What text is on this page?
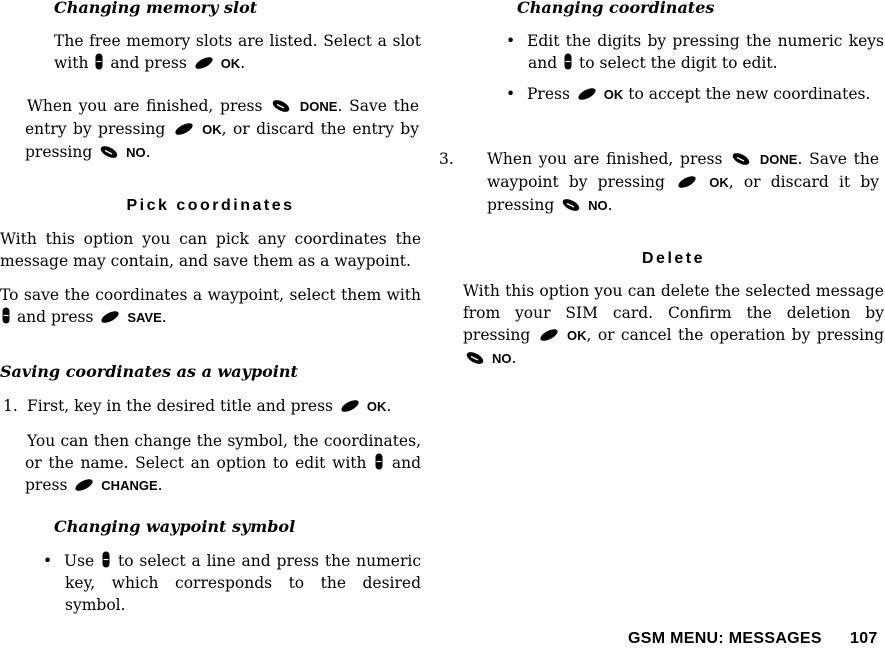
Changing memory slot
The free memory slots are listed. Select a slot with and press	OK.
When you are finished, press	DONE. Save the entry by pressing	OK, or discard the entry by pressing	NO.
Pick coordinates
With this option you can pick any coordinates the message may contain, and save them as a waypoint.
To save the coordinates a waypoint, select them with  and press	SAVE.
Saving coordinates as a waypoint
1. First, key in the desired title and press	OK.
You can then change the symbol, the coordinates, or the name. Select an option to edit with and press	CHANGE.
Changing waypoint symbol
• Use to select a line and press the numeric key, which corresponds to the desired symbol.
Changing coordinates
• Edit the digits by pressing the numeric keys and to select the digit to edit.
• Press	OK to accept the new coordinates.
3. When you are finished, press	DONE. Save the waypoint by pressing	OK, or discard it by pressing	NO.
Delete
With this option you can delete the selected message from your SIM card. Confirm the deletion by pressing	OK, or cancel the operation by pressing  NO.
GSM MENU: MESSAGES 107
